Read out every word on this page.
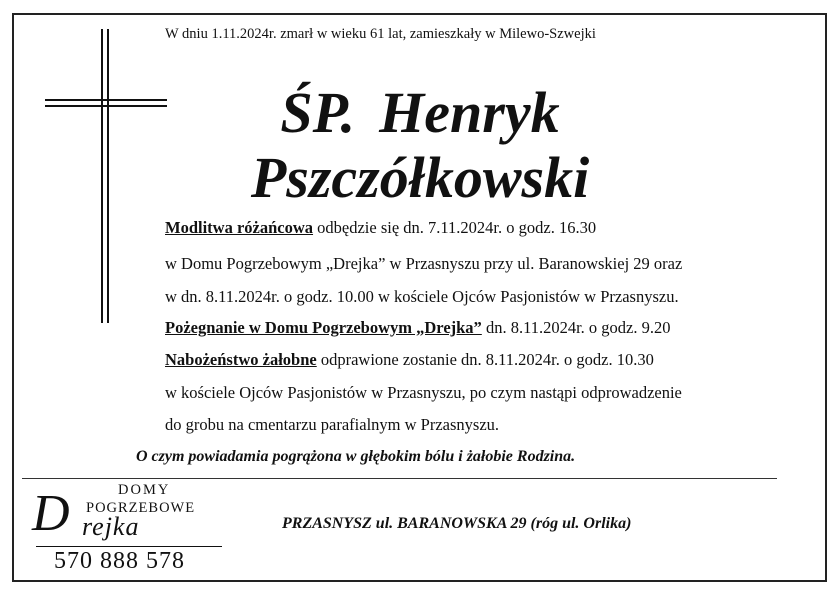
W dniu 1.11.2024r. zmarł w wieku 61 lat, zamieszkały w Milewo-Szwejki
ŚP. Henryk
Pszczółkowski
Modlitwa różańcowa odbędzie się dn. 7.11.2024r. o godz. 16.30
w Domu Pogrzebowym „Drejka” w Przasnyszu przy ul. Baranowskiej 29 oraz
w dn. 8.11.2024r. o godz. 10.00 w kościele Ojców Pasjonistów w Przasnyszu.
Pożegnanie w Domu Pogrzebowym „Drejka” dn. 8.11.2024r. o godz. 9.20
Nabożeństwo żałobne odprawione zostanie dn. 8.11.2024r. o godz. 10.30
w kościele Ojców Pasjonistów w Przasnyszu, po czym nastąpi odprowadzenie
do grobu na cmentarzu parafialnym w Przasnyszu.
O czym powiadamia pogrążona w głębokim bólu i żałobie Rodzina.
DOMY
POGRZEBOWE
D rejka
570 888 578
PRZASNYSZ ul. BARANOWSKA 29 (róg ul. Orlika)
